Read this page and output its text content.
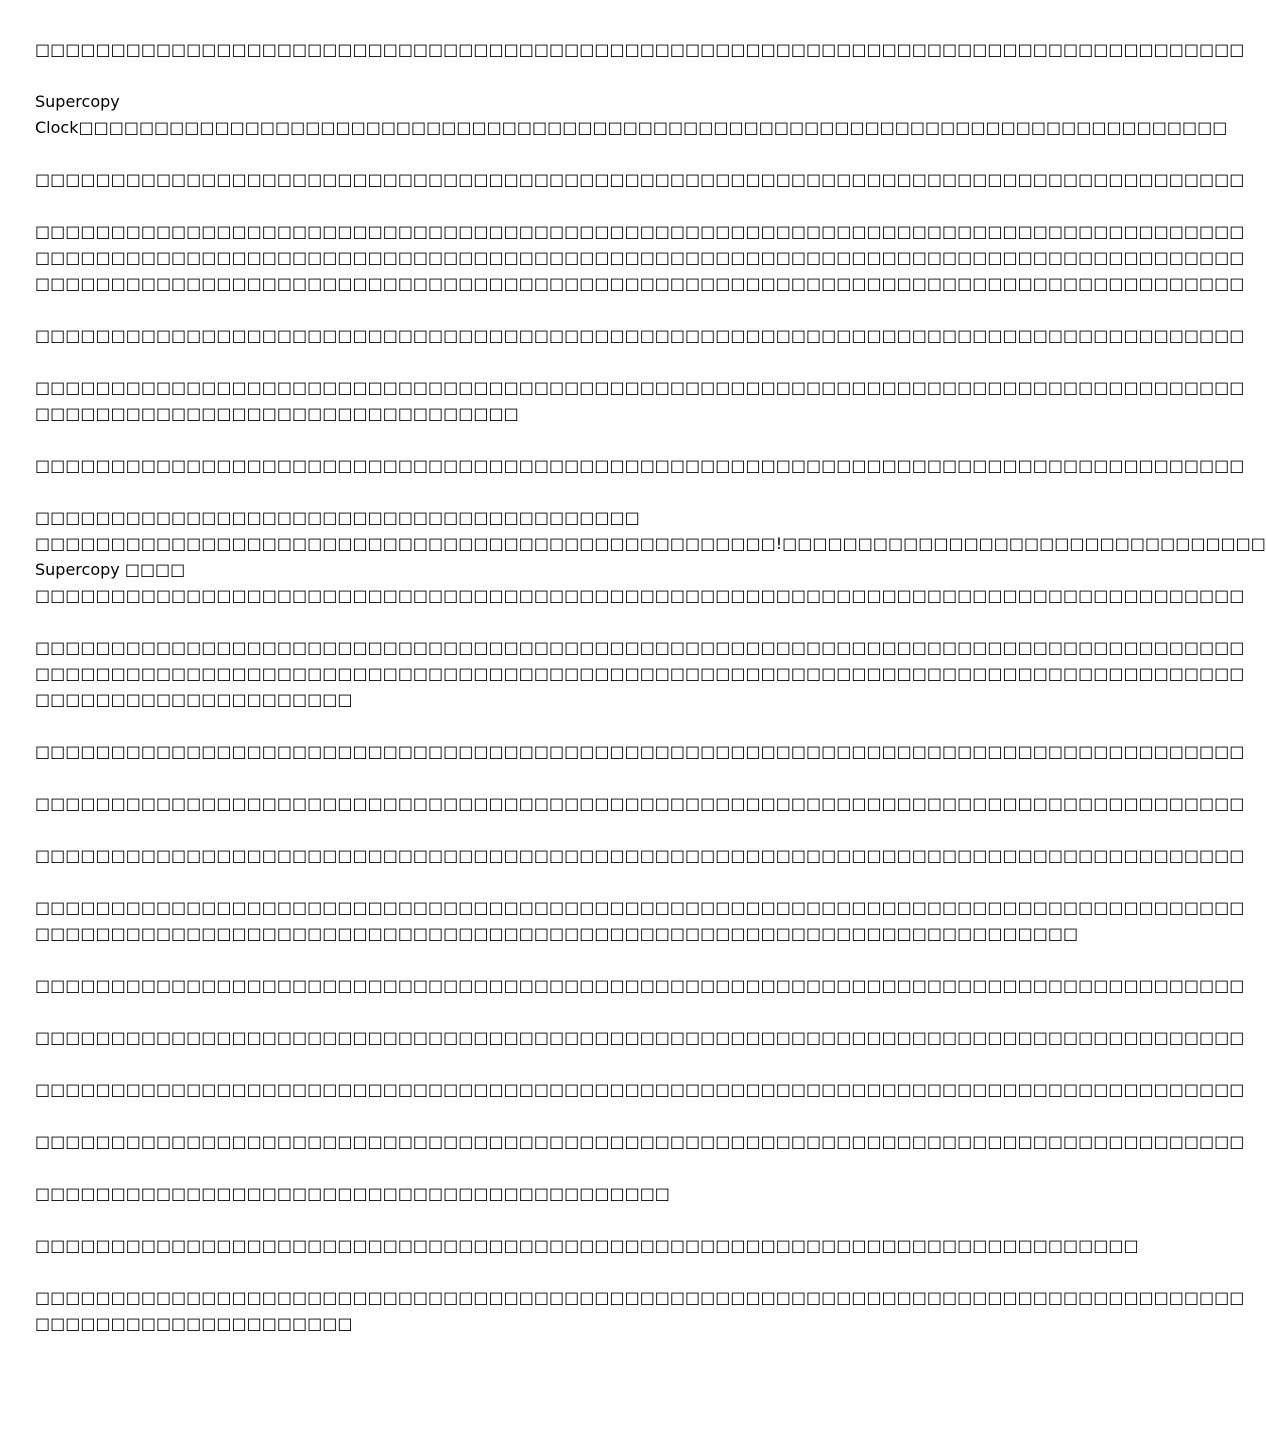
□□□□□□□□□□□□□□□□□□□□□□□□□□□□□□□□□□□□□□□□□□□□□□□□□□□□□□□□□□□□□□□□□□□□□□□□□□□□□□□□
Supercopy
Clock□□□□□□□□□□□□□□□□□□□□□□□□□□□□□□□□□□□□□□□□□□□□□□□□□□□□□□□□□□□□□□□□□□□□□□□□□□□□
□□□□□□□□□□□□□□□□□□□□□□□□□□□□□□□□□□□□□□□□□□□□□□□□□□□□□□□□□□□□□□□□□□□□□□□□□□□□□□□□
□□□□□□□□□□□□□□□□□□□□□□□□□□□□□□□□□□□□□□□□□□□□□□□□□□□□□□□□□□□□□□□□□□□□□□□□□□□□□□□□
□□□□□□□□□□□□□□□□□□□□□□□□□□□□□□□□□□□□□□□□□□□□□□□□□□□□□□□□□□□□□□□□□□□□□□□□□□□□□□□□
□□□□□□□□□□□□□□□□□□□□□□□□□□□□□□□□□□□□□□□□□□□□□□□□□□□□□□□□□□□□□□□□□□□□□□□□□□□□□□□□
□□□□□□□□□□□□□□□□□□□□□□□□□□□□□□□□□□□□□□□□□□□□□□□□□□□□□□□□□□□□□□□□□□□□□□□□□□□□□□□□
□□□□□□□□□□□□□□□□□□□□□□□□□□□□□□□□□□□□□□□□□□□□□□□□□□□□□□□□□□□□□□□□□□□□□□□□□□□□□□□□
□□□□□□□□□□□□□□□□□□□□□□□□□□□□□□□□
□□□□□□□□□□□□□□□□□□□□□□□□□□□□□□□□□□□□□□□□□□□□□□□□□□□□□□□□□□□□□□□□□□□□□□□□□□□□□□□□
□□□□□□□□□□□□□□□□□□□□□□□□□□□□□□□□□□□□□□□□
□□□□□□□□□□□□□□□□□□□□□□□□□□□□□□□□□□□□□□□□□□□□□□□□□!□□□□□□□□□□□□□□□□□□□□□□□□□□□□□□□□
Supercopy □□□□
□□□□□□□□□□□□□□□□□□□□□□□□□□□□□□□□□□□□□□□□□□□□□□□□□□□□□□□□□□□□□□□□□□□□□□□□□□□□□□□□
□□□□□□□□□□□□□□□□□□□□□□□□□□□□□□□□□□□□□□□□□□□□□□□□□□□□□□□□□□□□□□□□□□□□□□□□□□□□□□□□
□□□□□□□□□□□□□□□□□□□□□□□□□□□□□□□□□□□□□□□□□□□□□□□□□□□□□□□□□□□□□□□□□□□□□□□□□□□□□□□□
□□□□□□□□□□□□□□□□□□□□□
□□□□□□□□□□□□□□□□□□□□□□□□□□□□□□□□□□□□□□□□□□□□□□□□□□□□□□□□□□□□□□□□□□□□□□□□□□□□□□□□
□□□□□□□□□□□□□□□□□□□□□□□□□□□□□□□□□□□□□□□□□□□□□□□□□□□□□□□□□□□□□□□□□□□□□□□□□□□□□□□□
□□□□□□□□□□□□□□□□□□□□□□□□□□□□□□□□□□□□□□□□□□□□□□□□□□□□□□□□□□□□□□□□□□□□□□□□□□□□□□□□
□□□□□□□□□□□□□□□□□□□□□□□□□□□□□□□□□□□□□□□□□□□□□□□□□□□□□□□□□□□□□□□□□□□□□□□□□□□□□□□□
□□□□□□□□□□□□□□□□□□□□□□□□□□□□□□□□□□□□□□□□□□□□□□□□□□□□□□□□□□□□□□□□□□□□□
□□□□□□□□□□□□□□□□□□□□□□□□□□□□□□□□□□□□□□□□□□□□□□□□□□□□□□□□□□□□□□□□□□□□□□□□□□□□□□□□
□□□□□□□□□□□□□□□□□□□□□□□□□□□□□□□□□□□□□□□□□□□□□□□□□□□□□□□□□□□□□□□□□□□□□□□□□□□□□□□□
□□□□□□□□□□□□□□□□□□□□□□□□□□□□□□□□□□□□□□□□□□□□□□□□□□□□□□□□□□□□□□□□□□□□□□□□□□□□□□□□
□□□□□□□□□□□□□□□□□□□□□□□□□□□□□□□□□□□□□□□□□□□□□□□□□□□□□□□□□□□□□□□□□□□□□□□□□□□□□□□□
□□□□□□□□□□□□□□□□□□□□□□□□□□□□□□□□□□□□□□□□□□
□□□□□□□□□□□□□□□□□□□□□□□□□□□□□□□□□□□□□□□□□□□□□□□□□□□□□□□□□□□□□□□□□□□□□□□□□
□□□□□□□□□□□□□□□□□□□□□□□□□□□□□□□□□□□□□□□□□□□□□□□□□□□□□□□□□□□□□□□□□□□□□□□□□□□□□□□□
□□□□□□□□□□□□□□□□□□□□□
